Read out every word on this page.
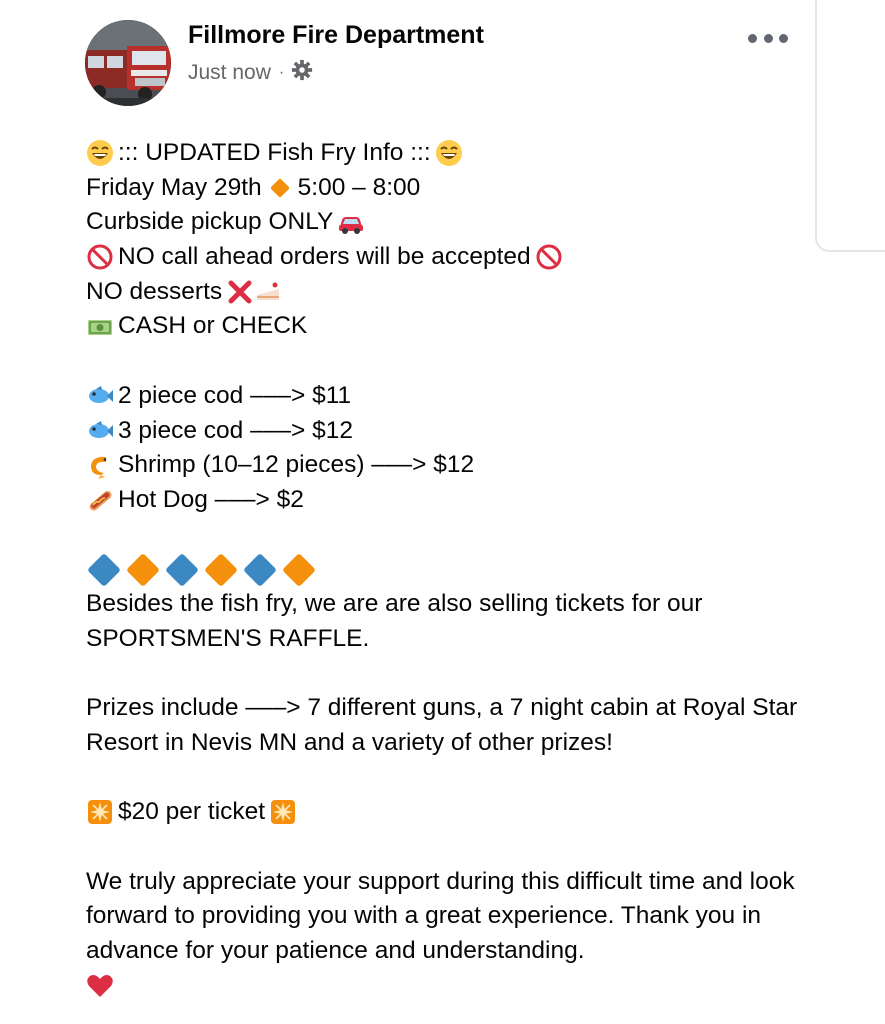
Fillmore Fire Department
Just now ·
::: UPDATED Fish Fry Info :::
Friday May 29th 5:00 – 8:00
Curbside pickup ONLY
NO call ahead orders will be accepted
NO desserts
CASH or CHECK
2 piece cod –––> $11
3 piece cod –––> $12
Shrimp (10–12 pieces) –––> $12
Hot Dog –––> $2
Besides the fish fry, we are are also selling tickets for our SPORTSMEN'S RAFFLE.
Prizes include –––> 7 different guns, a 7 night cabin at Royal Star Resort in Nevis MN and a variety of other prizes!
$20 per ticket
We truly appreciate your support during this difficult time and look forward to providing you with a great experience. Thank you in advance for your patience and understanding.
